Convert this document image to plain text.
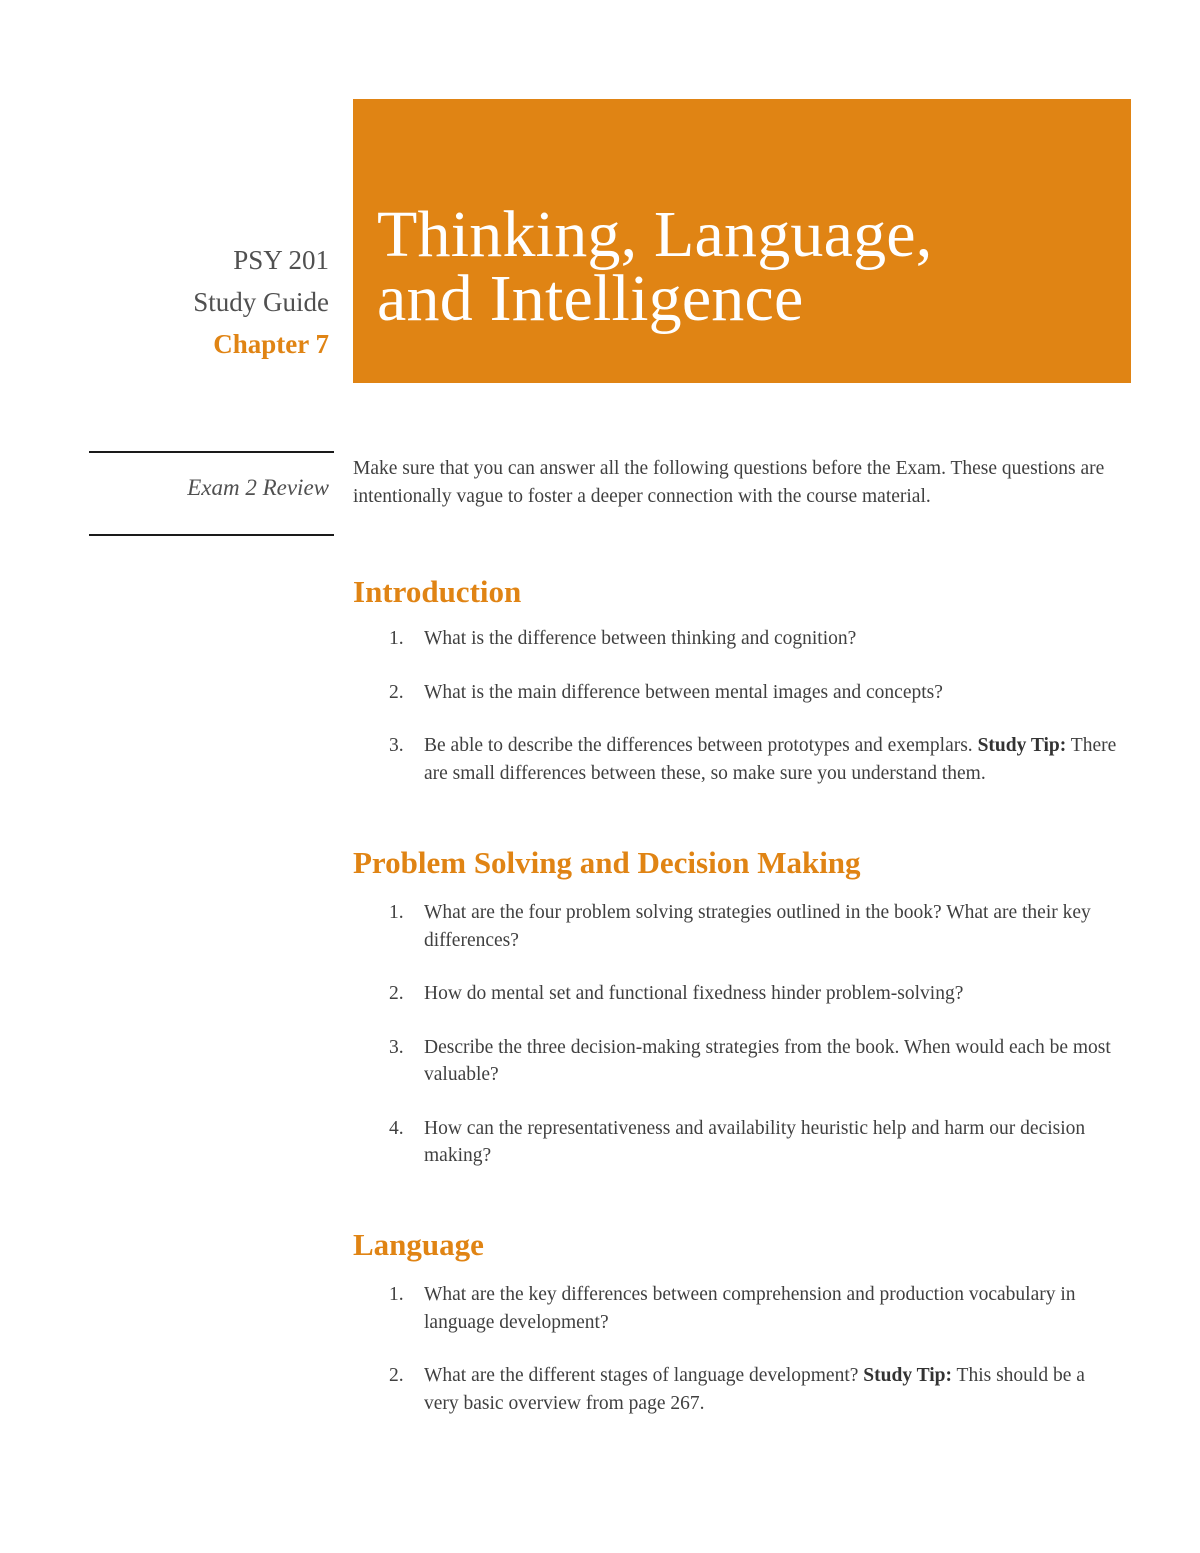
Thinking, Language,
and Intelligence
PSY 201
Study Guide
Chapter 7
Exam 2 Review

Make sure that you can answer all the following questions before the Exam. These questions are intentionally vague to foster a deeper connection with the course material.

Introduction
1. What is the difference between thinking and cognition?
2. What is the main difference between mental images and concepts?
3. Be able to describe the differences between prototypes and exemplars. Study Tip: There are small differences between these, so make sure you understand them.
Problem Solving and Decision Making
1. What are the four problem solving strategies outlined in the book? What are their key differences?
2. How do mental set and functional fixedness hinder problem-solving?
3. Describe the three decision-making strategies from the book. When would each be most valuable?
4. How can the representativeness and availability heuristic help and harm our decision making?
Language
1. What are the key differences between comprehension and production vocabulary in language development?
2. What are the different stages of language development? Study Tip: This should be a very basic overview from page 267.
